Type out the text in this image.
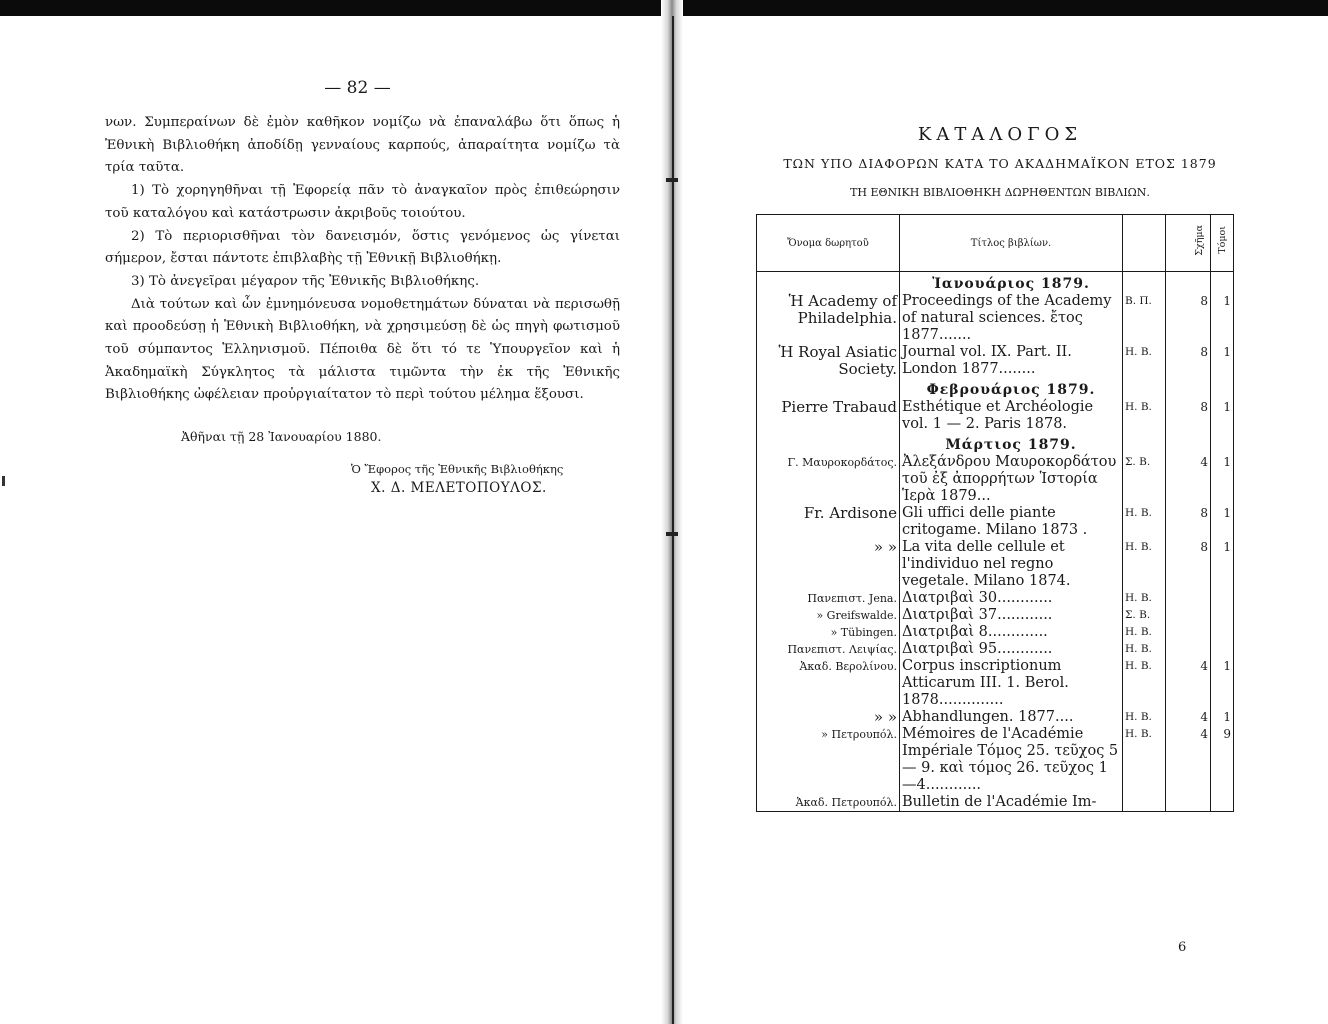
— 82 —

νων. Συμπεραίνων δὲ ἐμὸν καθῆκον νομίζω νὰ ἐπαναλάβω ὅτι ὅπως ἡ Ἐθνικὴ Βιβλιοθήκη ἀποδίδῃ γενναίους καρπούς, ἀπαραίτητα νομίζω τὰ τρία ταῦτα.

1) Τὸ χορηγηθῆναι τῇ Ἐφορείᾳ πᾶν τὸ ἀναγκαῖον πρὸς ἐπιθεώρησιν τοῦ καταλόγου καὶ κατάστρωσιν ἀκριβοῦς τοιούτου.

2) Τὸ περιορισθῆναι τὸν δανεισμόν, ὅστις γενόμενος ὡς γίνεται σήμερον, ἔσται πάντοτε ἐπιβλαβὴς τῇ Ἐθνικῇ Βιβλιοθήκῃ.

3) Τὸ ἀνεγεῖραι μέγαρον τῆς Ἐθνικῆς Βιβλιοθήκης.

Διὰ τούτων καὶ ὧν ἐμνημόνευσα νομοθετημάτων δύναται νὰ περισωθῇ καὶ προοδεύσῃ ἡ Ἐθνικὴ Βιβλιοθήκη, νὰ χρησιμεύσῃ δὲ ὡς πηγὴ φωτισμοῦ τοῦ σύμπαντος Ἑλληνισμοῦ. Πέποιθα δὲ ὅτι τό τε Ὑπουργεῖον καὶ ἡ Ἀκαδημαϊκὴ Σύγκλητος τὰ μάλιστα τιμῶντα τὴν ἐκ τῆς Ἐθνικῆς Βιβλιοθήκης ὠφέλειαν προὐργιαίτατον τὸ περὶ τούτου μέλημα ἕξουσι.

Ἀθῆναι τῇ 28 Ἰανουαρίου 1880.
Ὁ Ἔφορος τῆς Ἐθνικῆς Βιβλιοθήκης
Χ. Δ. ΜΕΛΕΤΟΠΟΥΛΟΣ.
ΚΑΤΑΛΟΓΟΣ
ΤΩΝ ΥΠΟ ΔΙΑΦΟΡΩΝ ΚΑΤΑ ΤΟ ΑΚΑΔΗΜΑΪΚΟΝ ΕΤΟΣ 1879
ΤΗ ΕΘΝΙΚΗ ΒΙΒΛΙΟΘΗΚΗ ΔΩΡΗΘΕΝΤΩΝ ΒΙΒΛΙΩΝ.
Ὄνομα δωρητοῦ	Τίτλος βιβλίων.		Σχῆμα	Τόμοι
	Ἰανουάριος 1879.			
Ἡ Academy of Philadelphia.	Proceedings of the Academy of natural sciences. ἔτος 1877.......	Β. Π.	8	1
Ἡ Royal Asiatic Society.	Journal vol. IX. Part. II. London 1877........	Η. Β.	8	1
	Φεβρουάριος 1879.			
Pierre Trabaud	Esthétique et Archéologie vol. 1 — 2. Paris 1878.	Η. Β.	8	1
	Μάρτιος 1879.			
Γ. Μαυροκορδάτος.	Ἀλεξάνδρου Μαυροκορδάτου τοῦ ἐξ ἀπορρήτων Ἱστορία Ἱερὰ 1879...	Σ. Β.	4	1
Fr. Ardisone	Gli uffici delle piante critogame. Milano 1873 .	Η. Β.	8	1
» »	La vita delle cellule et l'individuo nel regno vegetale. Milano 1874.	Η. Β.	8	1
Πανεπιστ. Jena.	Διατριβαὶ 30............	Η. Β.		
» Greifswalde.	Διατριβαὶ 37............	Σ. Β.		
» Tübingen.	Διατριβαὶ 8.............	Η. Β.		
Πανεπιστ. Λειψίας.	Διατριβαὶ 95............	Η. Β.		
Ἀκαδ. Βερολίνου.	Corpus inscriptionum Atticarum III. 1. Berol. 1878..............	Η. Β.	4	1
» »	Abhandlungen. 1877....	Η. Β.	4	1
» Πετρουπόλ.	Mémoires de l'Académie Impériale Τόμος 25. τεῦχος 5 — 9. καὶ τόμος 26. τεῦχος 1—4............	Η. Β.	4	9
Ἀκαδ. Πετρουπόλ.	Bulletin de l'Académie Im-			
6
